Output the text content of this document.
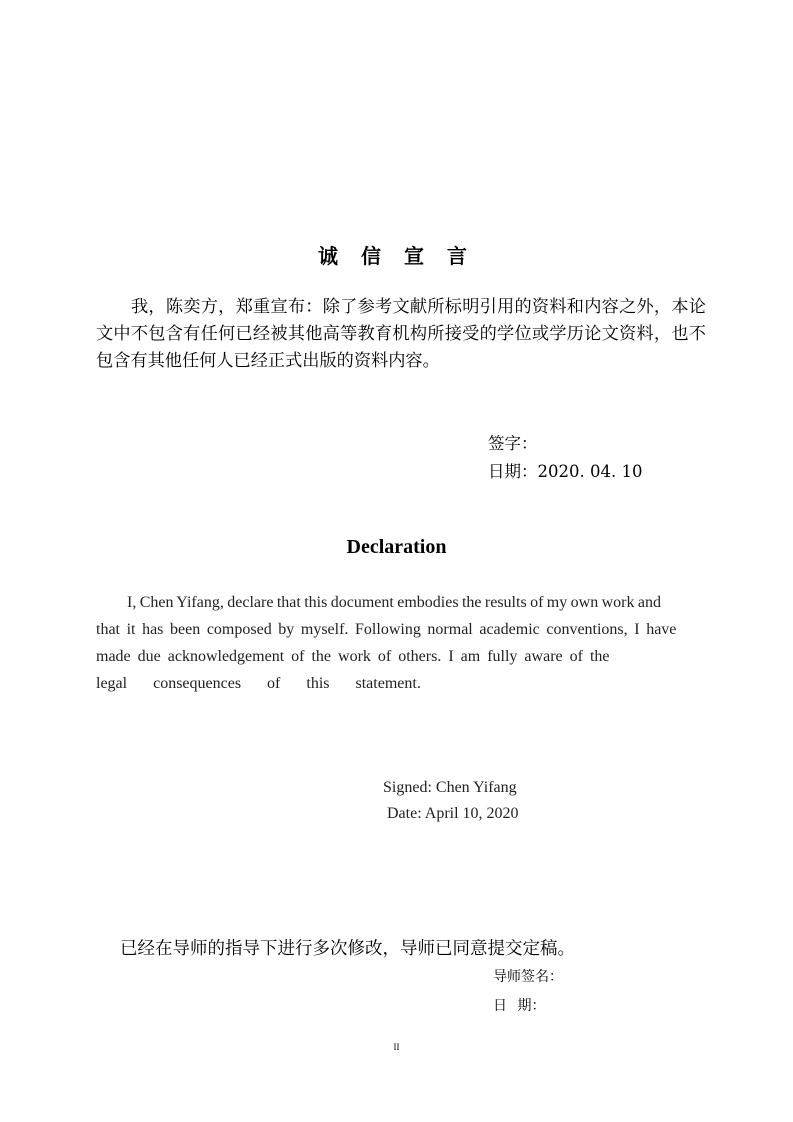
诚 信 宣 言
我，陈奕方，郑重宣布：除了参考文献所标明引用的资料和内容之外，本论文中不包含有任何已经被其他高等教育机构所接受的学位或学历论文资料，也不包含有其他任何人已经正式出版的资料内容。
签字：
日期：2020. 04. 10
Declaration
I, Chen Yifang, declare that this document embodies the results of my own work and
that it has been composed by myself. Following normal academic conventions, I have
made due acknowledgement of the work of others. I am fully aware of the
legal consequences of this statement.
Signed: Chen Yifang
Date: April 10, 2020
已经在导师的指导下进行多次修改，导师已同意提交定稿。
导师签名：
日 期：
II
